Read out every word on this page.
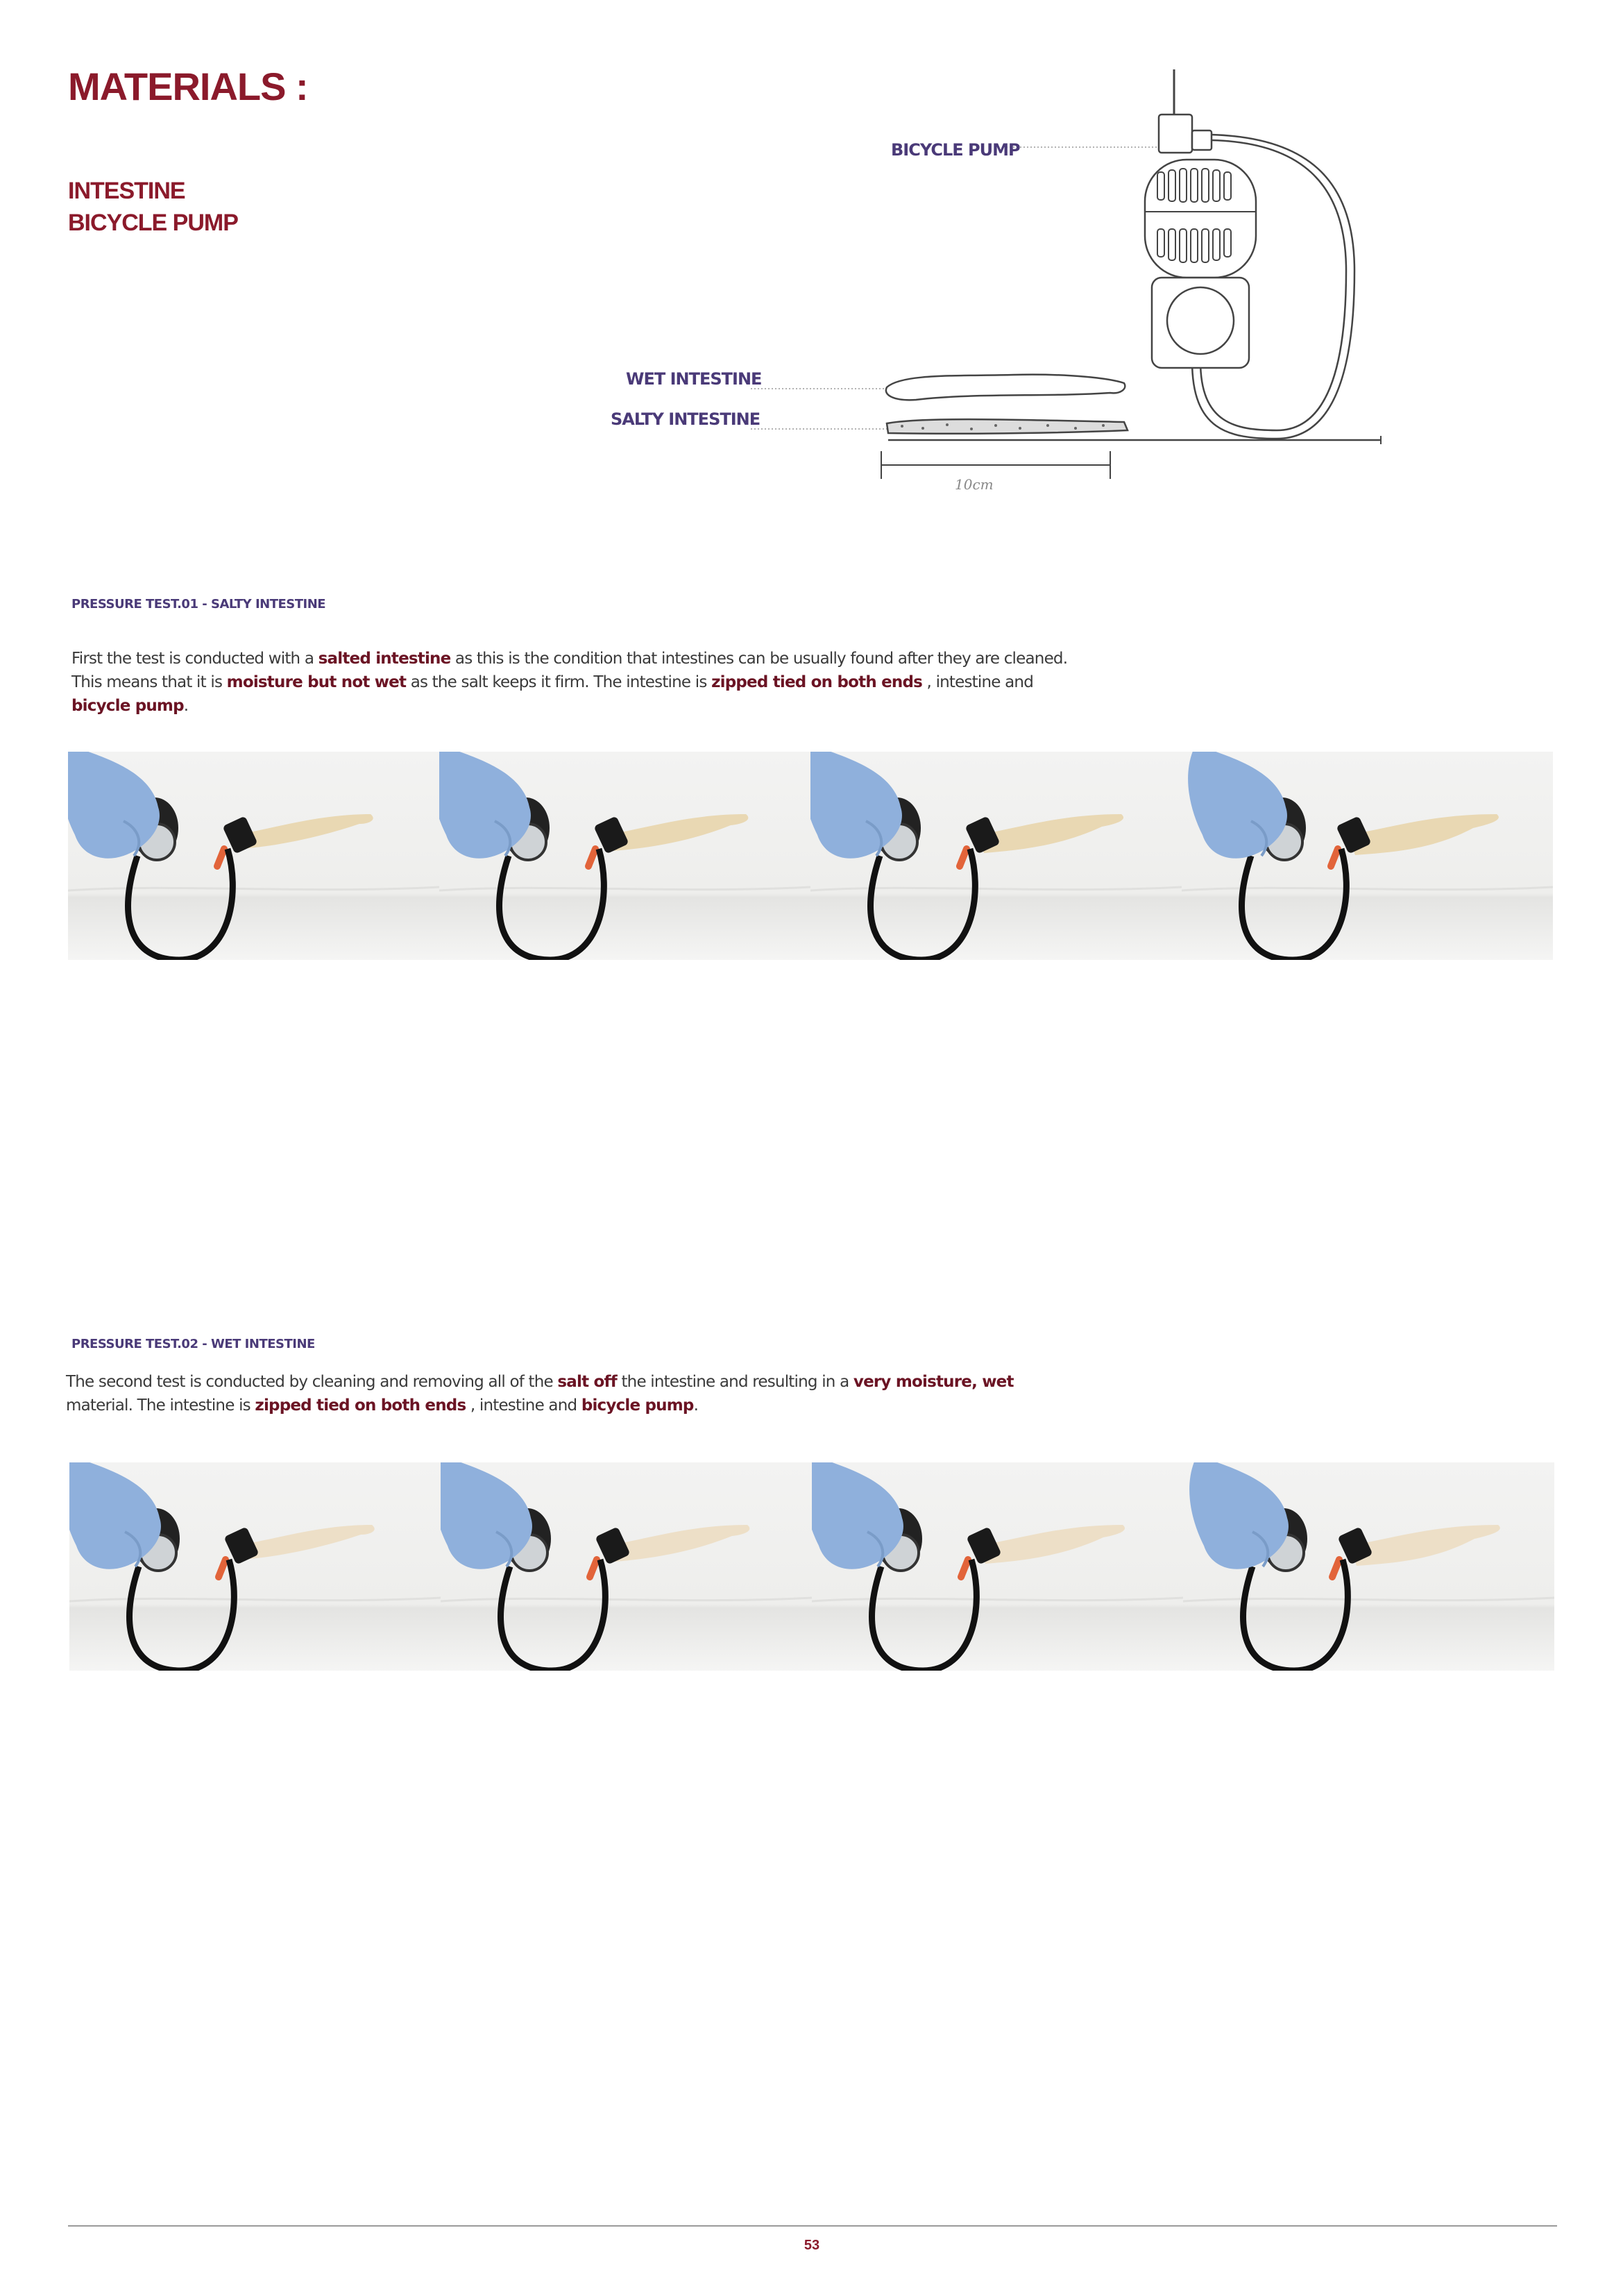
MATERIALS :
INTESTINE
BICYCLE PUMP
BICYCLE PUMP
WET INTESTINE
SALTY INTESTINE
10cm
PRESSURE TEST.01 - SALTY INTESTINE
First the test is conducted with a salted intestine as this is the condition that intestines can be usually found after they are cleaned. This means that it is moisture but not wet as the salt keeps it firm. The intestine is zipped tied on both ends , intestine and bicycle pump.
PRESSURE TEST.02 - WET INTESTINE
The second test is conducted by cleaning and removing all of the salt off the intestine and resulting in a very moisture, wet material. The intestine is zipped tied on both ends , intestine and bicycle pump.
53
